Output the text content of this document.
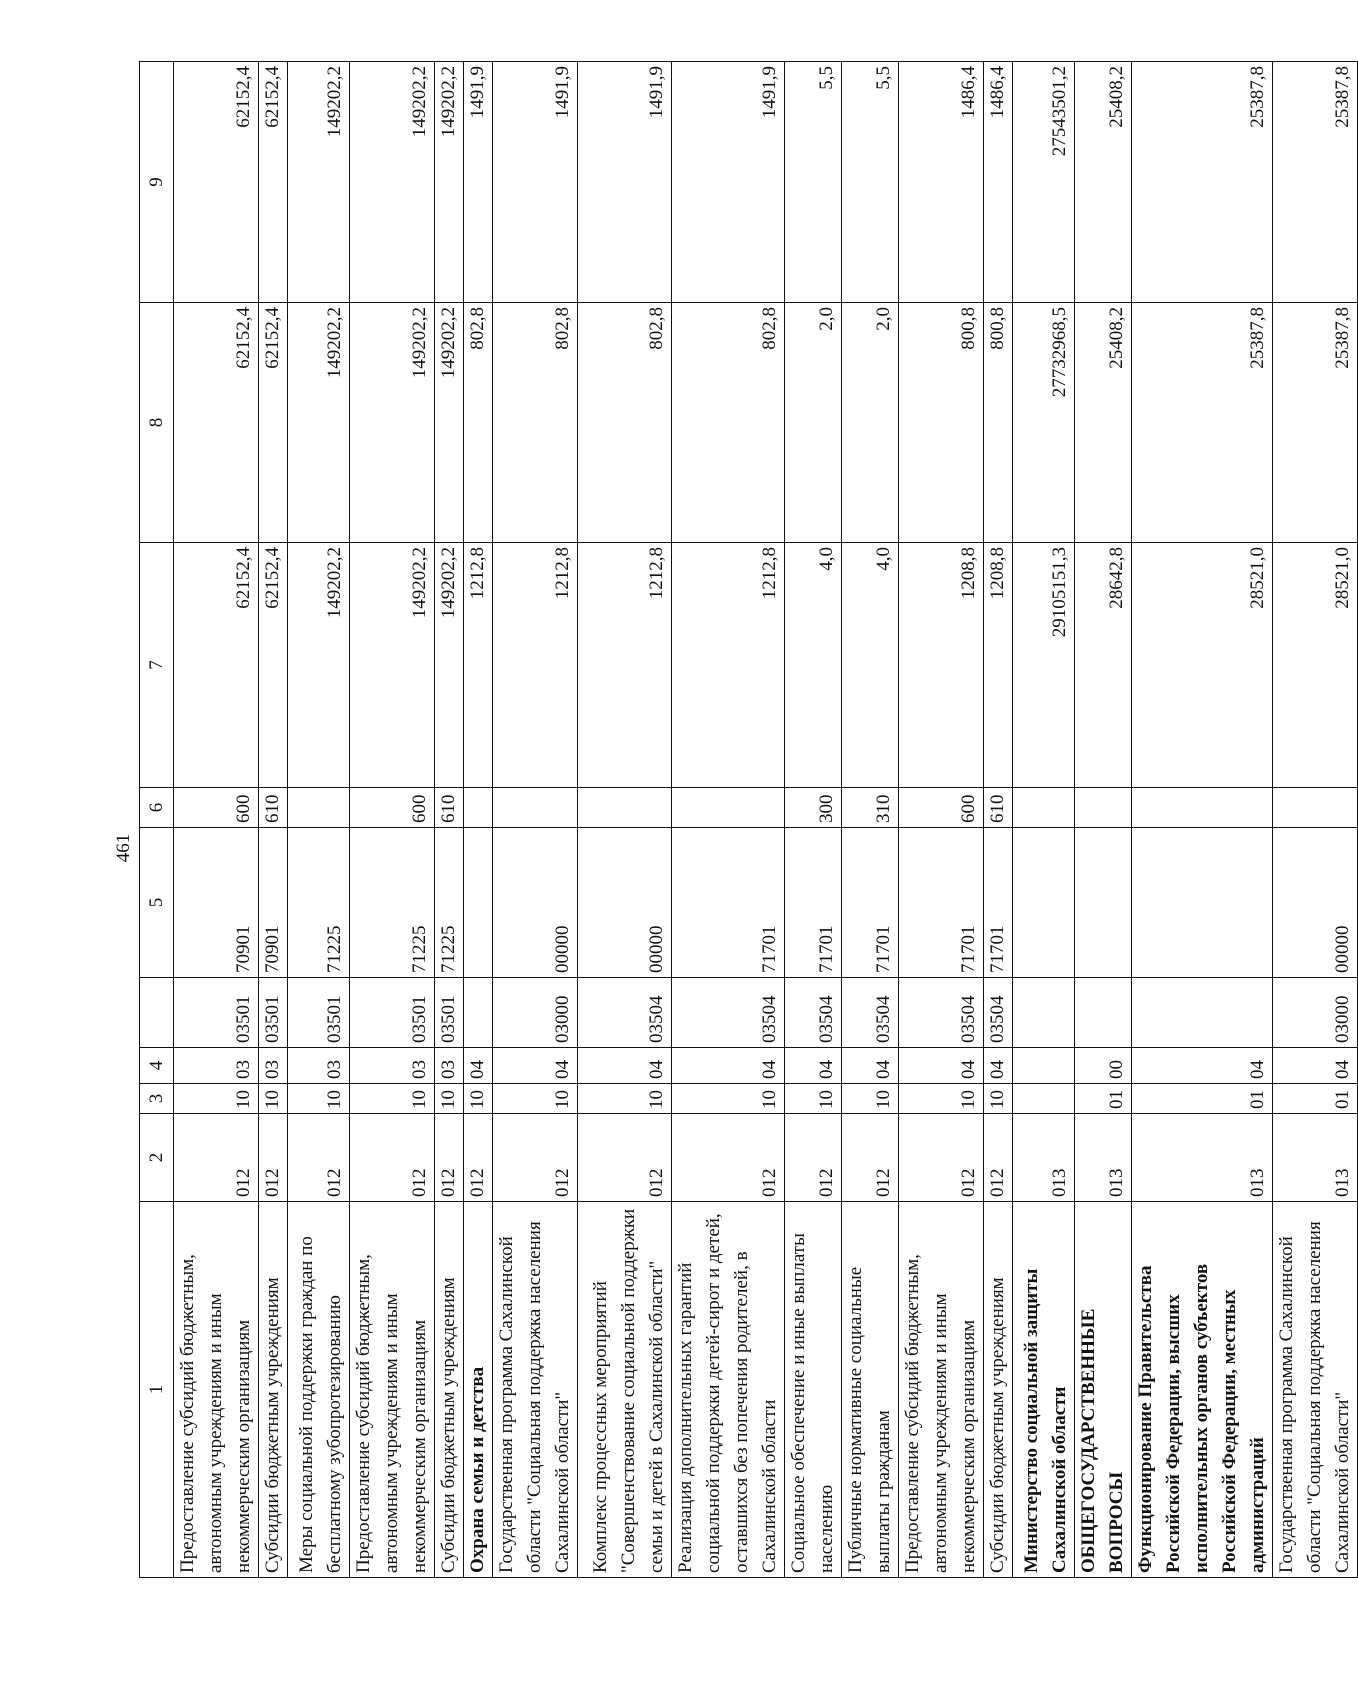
461
1	2	3	4		5	6	7	8	9
Предоставление субсидий бюджетным, автономным учреждениям и иным некоммерческим организациям	012	10	03	03501	70901	600	62152,4	62152,4	62152,4
Субсидии бюджетным учреждениям	012	10	03	03501	70901	610	62152,4	62152,4	62152,4
Меры социальной поддержки граждан по бесплатному зубопротезированию	012	10	03	03501	71225		149202,2	149202,2	149202,2
Предоставление субсидий бюджетным, автономным учреждениям и иным некоммерческим организациям	012	10	03	03501	71225	600	149202,2	149202,2	149202,2
Субсидии бюджетным учреждениям	012	10	03	03501	71225	610	149202,2	149202,2	149202,2
Охрана семьи и детства	012	10	04				1212,8	802,8	1491,9
Государственная программа Сахалинской области "Социальная поддержка населения Сахалинской области"	012	10	04	03000	00000		1212,8	802,8	1491,9
Комплекс процессных мероприятий "Совершенствование социальной поддержки семьи и детей в Сахалинской области"	012	10	04	03504	00000		1212,8	802,8	1491,9
Реализация дополнительных гарантий социальной поддержки детей-сирот и детей, оставшихся без попечения родителей, в Сахалинской области	012	10	04	03504	71701		1212,8	802,8	1491,9
Социальное обеспечение и иные выплаты населению	012	10	04	03504	71701	300	4,0	2,0	5,5
Публичные нормативные социальные выплаты гражданам	012	10	04	03504	71701	310	4,0	2,0	5,5
Предоставление субсидий бюджетным, автономным учреждениям и иным некоммерческим организациям	012	10	04	03504	71701	600	1208,8	800,8	1486,4
Субсидии бюджетным учреждениям	012	10	04	03504	71701	610	1208,8	800,8	1486,4
Министерство социальной защиты Сахалинской области	013						29105151,3	27732968,5	27543501,2
ОБЩЕГОСУДАРСТВЕННЫЕ ВОПРОСЫ	013	01	00				28642,8	25408,2	25408,2
Функционирование Правительства Российской Федерации, высших исполнительных органов субъектов Российской Федерации, местных администраций	013	01	04				28521,0	25387,8	25387,8
Государственная программа Сахалинской области "Социальная поддержка населения Сахалинской области"	013	01	04	03000	00000		28521,0	25387,8	25387,8
